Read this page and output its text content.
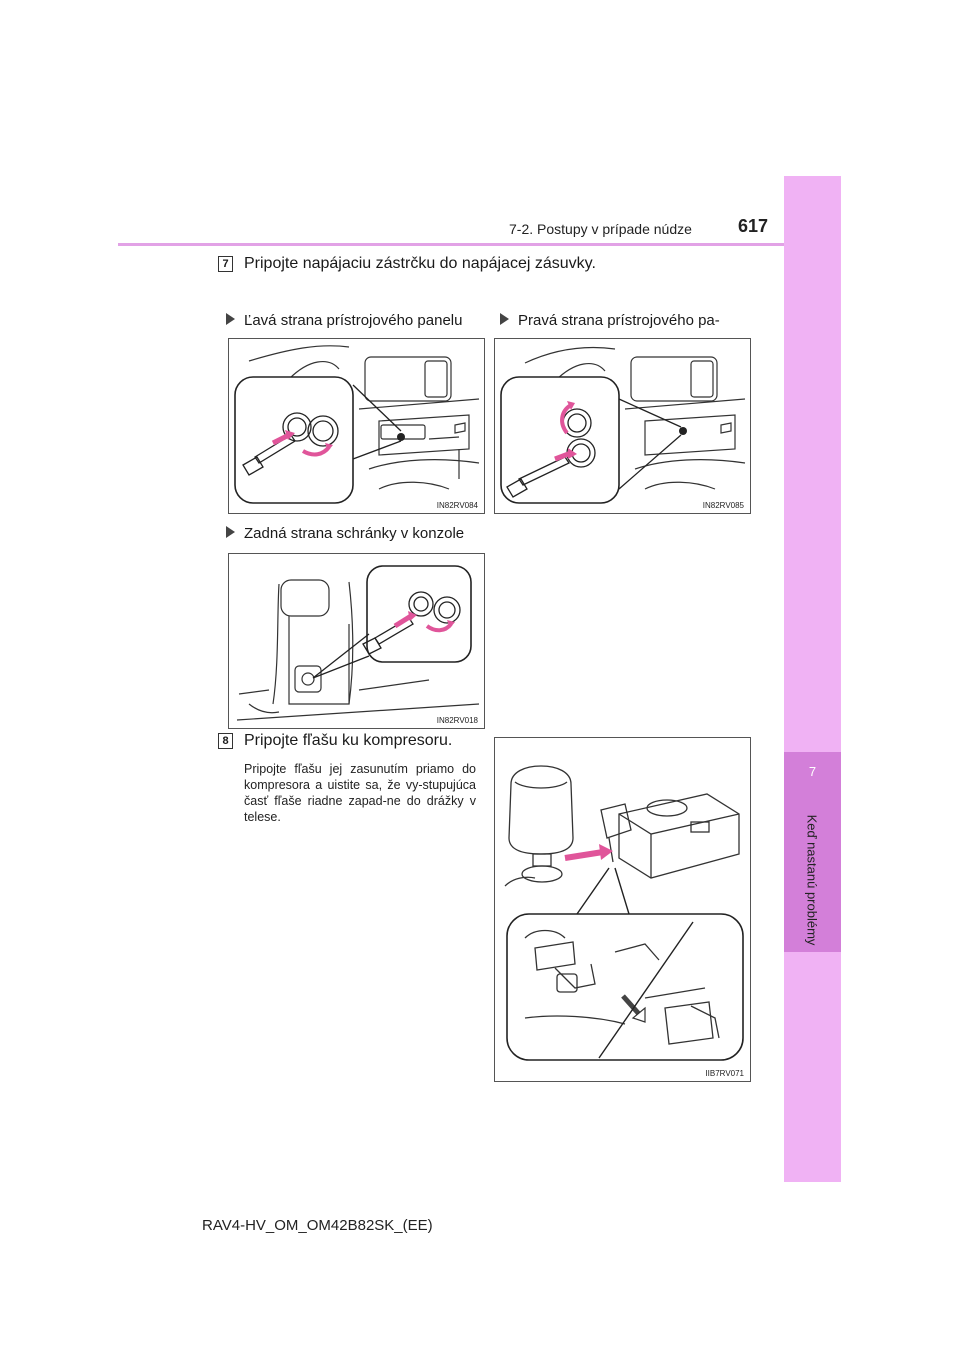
7
Keď nastanú problémy
7-2. Postupy v prípade núdze	617
7 Pripojte napájaciu zástrčku do napájacej zásuvky.
Ľavá strana prístrojového panelu	Pravá strana prístrojového pa-

IN82RV084	IN82RV085
Zadná strana schránky v konzole
IN82RV018
8 Pripojte fľašu ku kompresoru.
Pripojte fľašu jej zasunutím priamo do kompresora a uistite sa, že vy-stupujúca časť fľaše riadne zapad-ne do drážky v telese.
IIB7RV071
RAV4-HV_OM_OM42B82SK_(EE)
